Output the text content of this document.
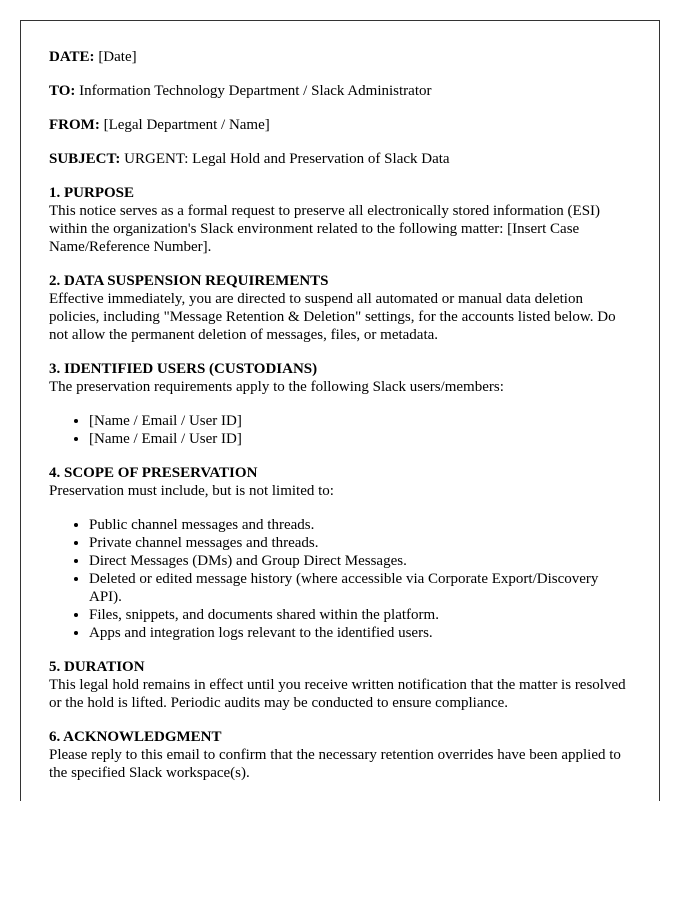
DATE: [Date]
TO: Information Technology Department / Slack Administrator
FROM: [Legal Department / Name]
SUBJECT: URGENT: Legal Hold and Preservation of Slack Data
1. PURPOSE

This notice serves as a formal request to preserve all electronically stored information (ESI) within the organization's Slack environment related to the following matter: [Insert Case Name/Reference Number].

2. DATA SUSPENSION REQUIREMENTS

Effective immediately, you are directed to suspend all automated or manual data deletion policies, including "Message Retention & Deletion" settings, for the accounts listed below. Do not allow the permanent deletion of messages, files, or metadata.

3. IDENTIFIED USERS (CUSTODIANS)

The preservation requirements apply to the following Slack users/members:

• [Name / Email / User ID]
• [Name / Email / User ID]
4. SCOPE OF PRESERVATION

Preservation must include, but is not limited to:

• Public channel messages and threads.
• Private channel messages and threads.
• Direct Messages (DMs) and Group Direct Messages.
• Deleted or edited message history (where accessible via Corporate Export/Discovery API).
• Files, snippets, and documents shared within the platform.
• Apps and integration logs relevant to the identified users.
5. DURATION

This legal hold remains in effect until you receive written notification that the matter is resolved or the hold is lifted. Periodic audits may be conducted to ensure compliance.

6. ACKNOWLEDGMENT

Please reply to this email to confirm that the necessary retention overrides have been applied to the specified Slack workspace(s).
